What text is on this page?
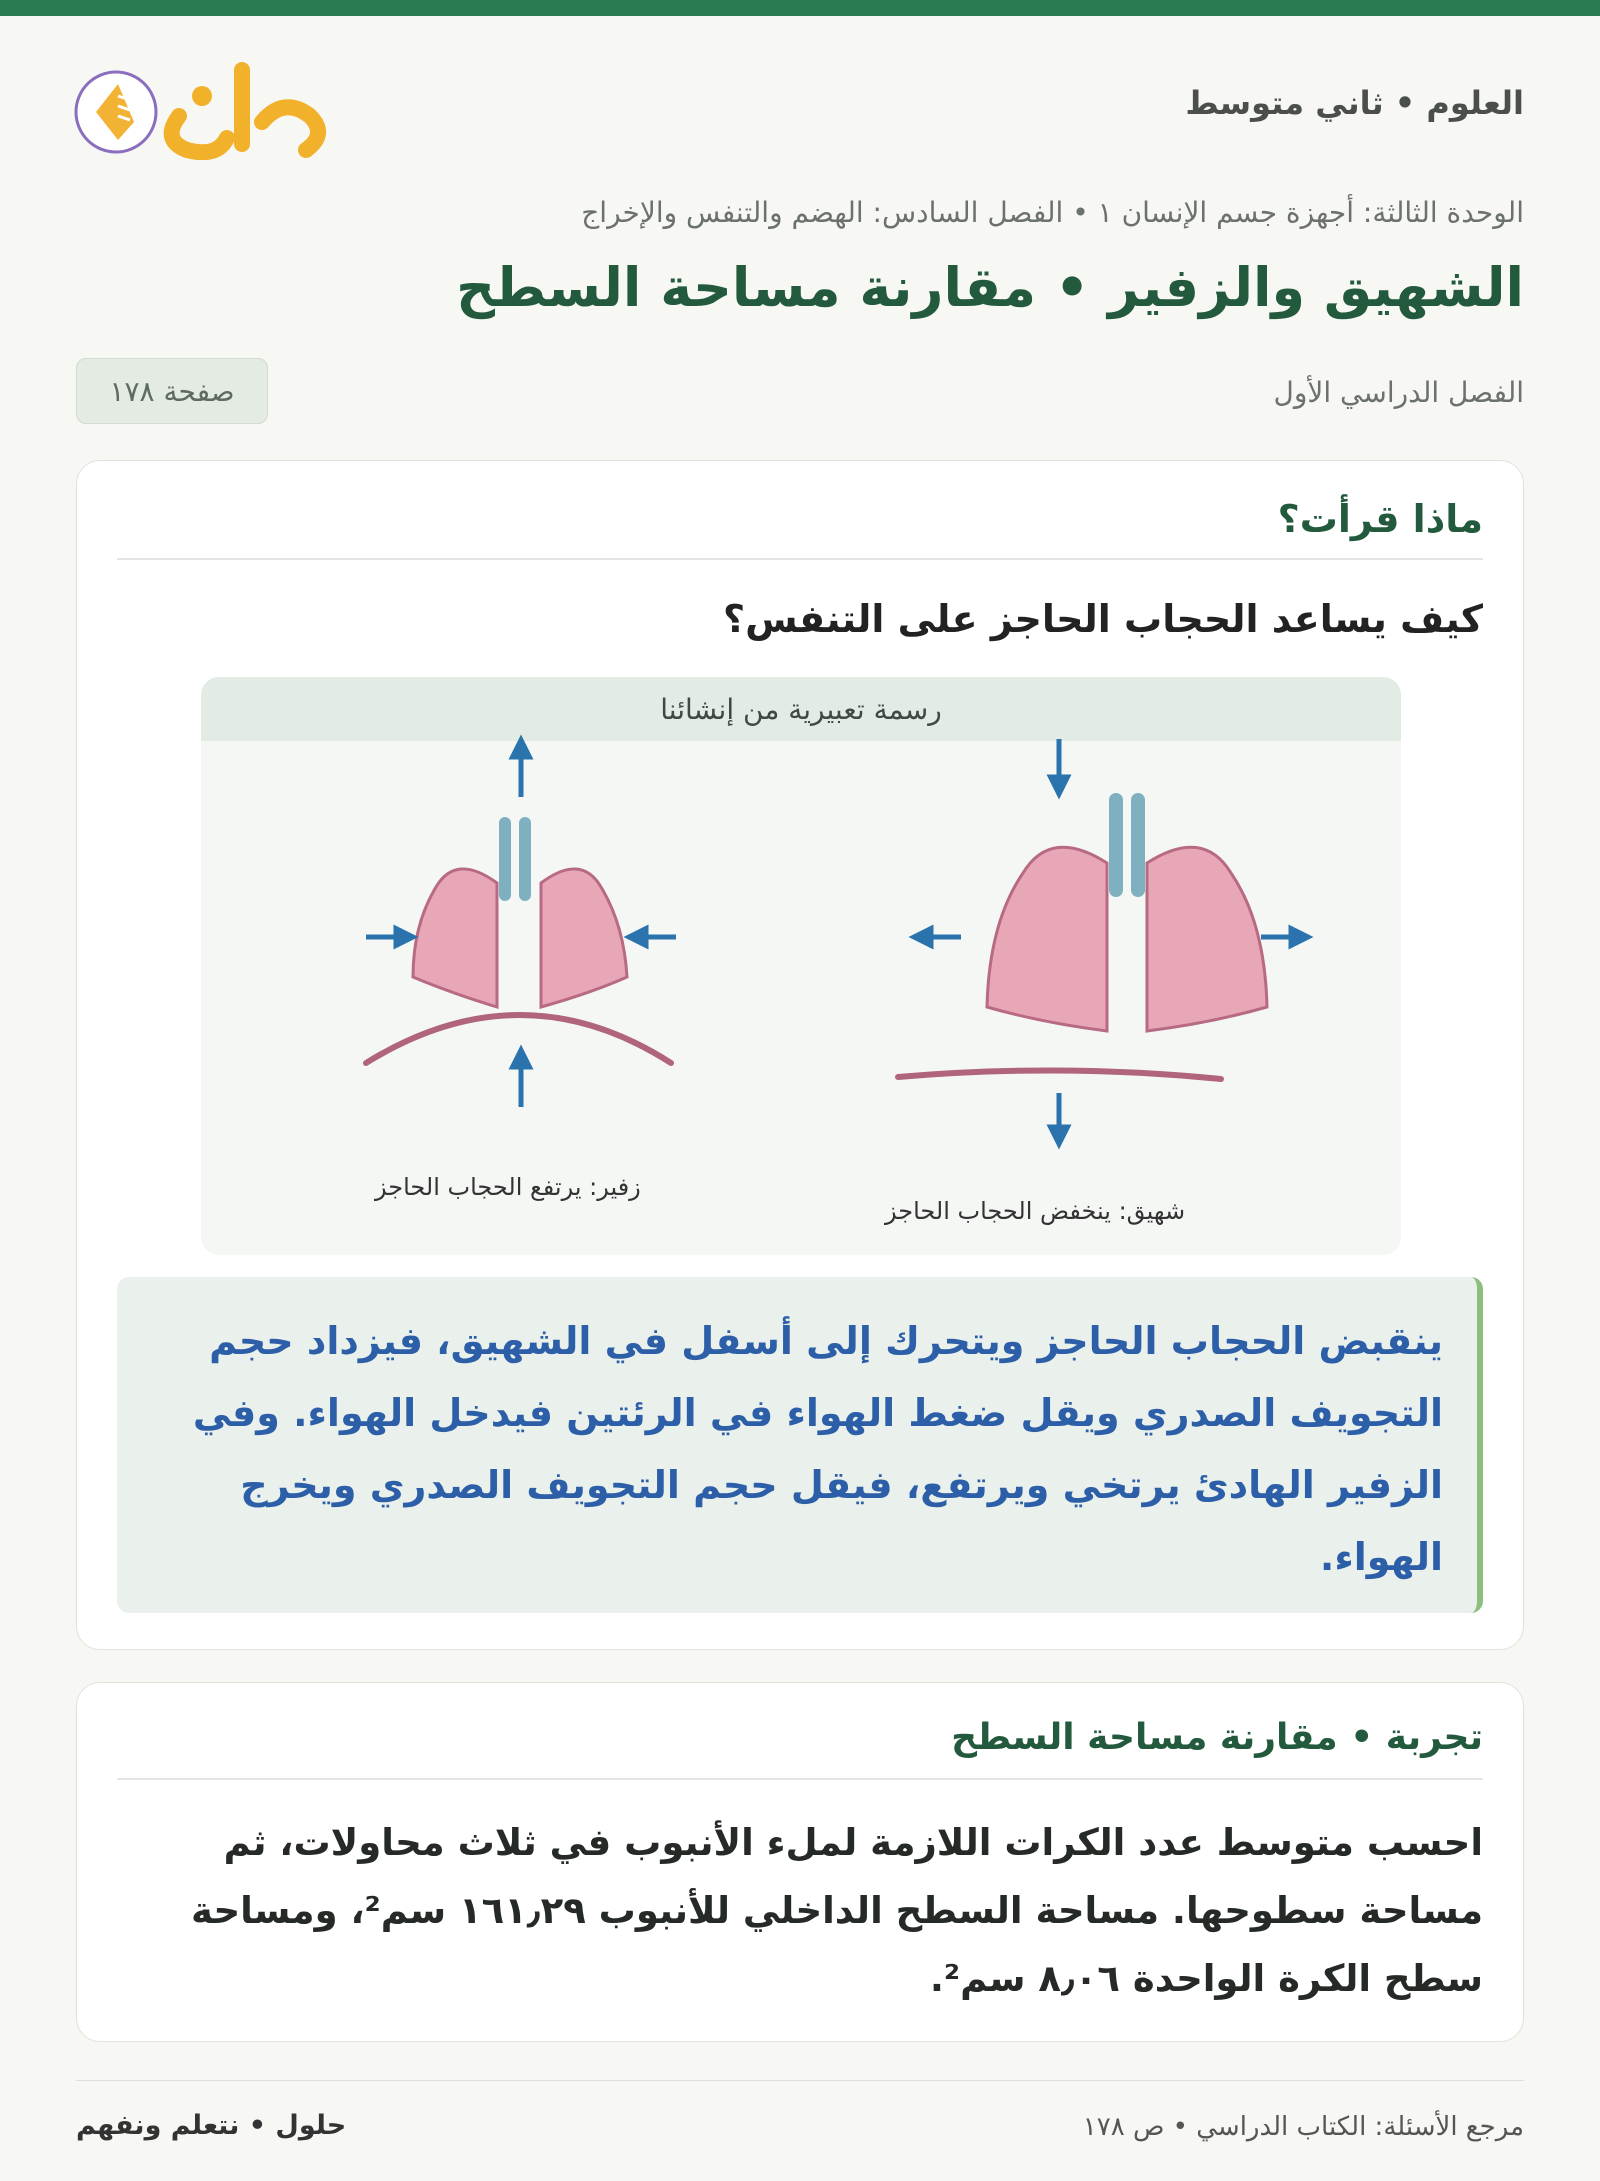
العلوم • ثاني متوسط
الوحدة الثالثة: أجهزة جسم الإنسان ١ • الفصل السادس: الهضم والتنفس والإخراج
الشهيق والزفير • مقارنة مساحة السطح
الفصل الدراسي الأول
صفحة ١٧٨
ماذا قرأت؟
كيف يساعد الحجاب الحاجز على التنفس؟
رسمة تعبيرية من إنشائنا
زفير: يرتفع الحجاب الحاجز
شهيق: ينخفض الحجاب الحاجز

ينقبض الحجاب الحاجز ويتحرك إلى أسفل في الشهيق، فيزداد حجم التجويف الصدري ويقل ضغط الهواء في الرئتين فيدخل الهواء. وفي الزفير الهادئ يرتخي ويرتفع، فيقل حجم التجويف الصدري ويخرج الهواء.

تجربة • مقارنة مساحة السطح

احسب متوسط عدد الكرات اللازمة لملء الأنبوب في ثلاث محاولات، ثم مساحة سطوحها. مساحة السطح الداخلي للأنبوب ١٦١٫٢٩ سم²، ومساحة سطح الكرة الواحدة ٨٫٠٦ سم².

مرجع الأسئلة: الكتاب الدراسي • ص ١٧٨
حلول • نتعلم ونفهم
